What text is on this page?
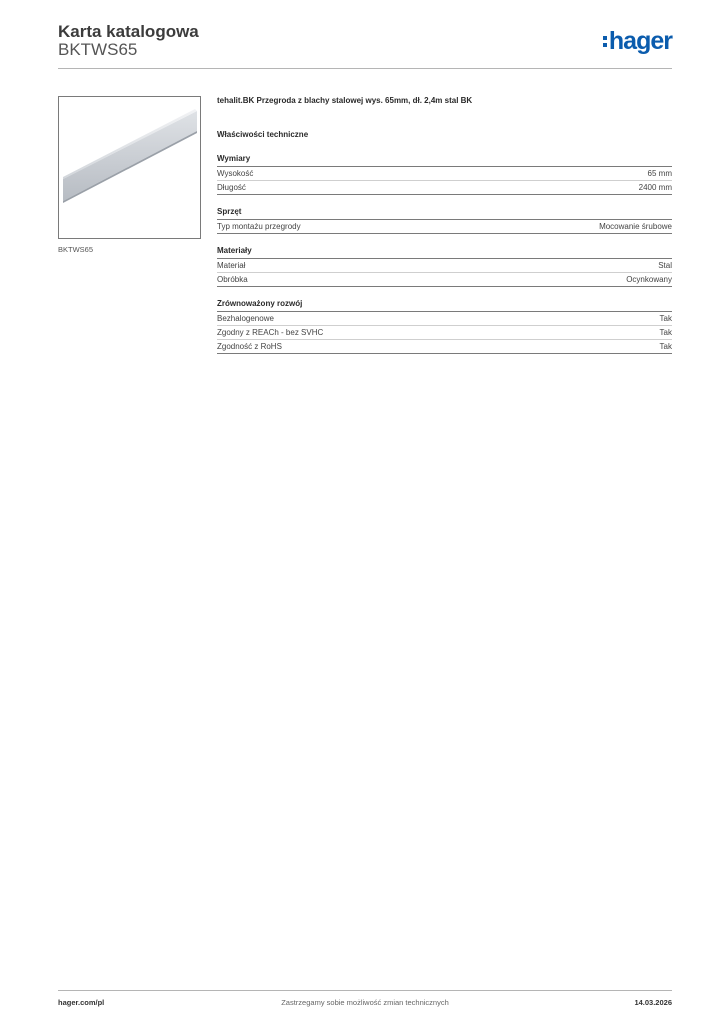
Karta katalogowa
BKTWS65	hager
BKTWS65
tehalit.BK Przegroda z blachy stalowej wys. 65mm, dł. 2,4m stal BK
Właściwości techniczne
Wymiary
Wysokość	65 mm
Długość	2400 mm
Sprzęt
Typ montażu przegrody	Mocowanie śrubowe
Materiały
Materiał	Stal
Obróbka	Ocynkowany
Zrównoważony rozwój
Bezhalogenowe	Tak
Zgodny z REACh - bez SVHC	Tak
Zgodność z RoHS	Tak
hager.com/pl	Zastrzegamy sobie możliwość zmian technicznych	14.03.2026
